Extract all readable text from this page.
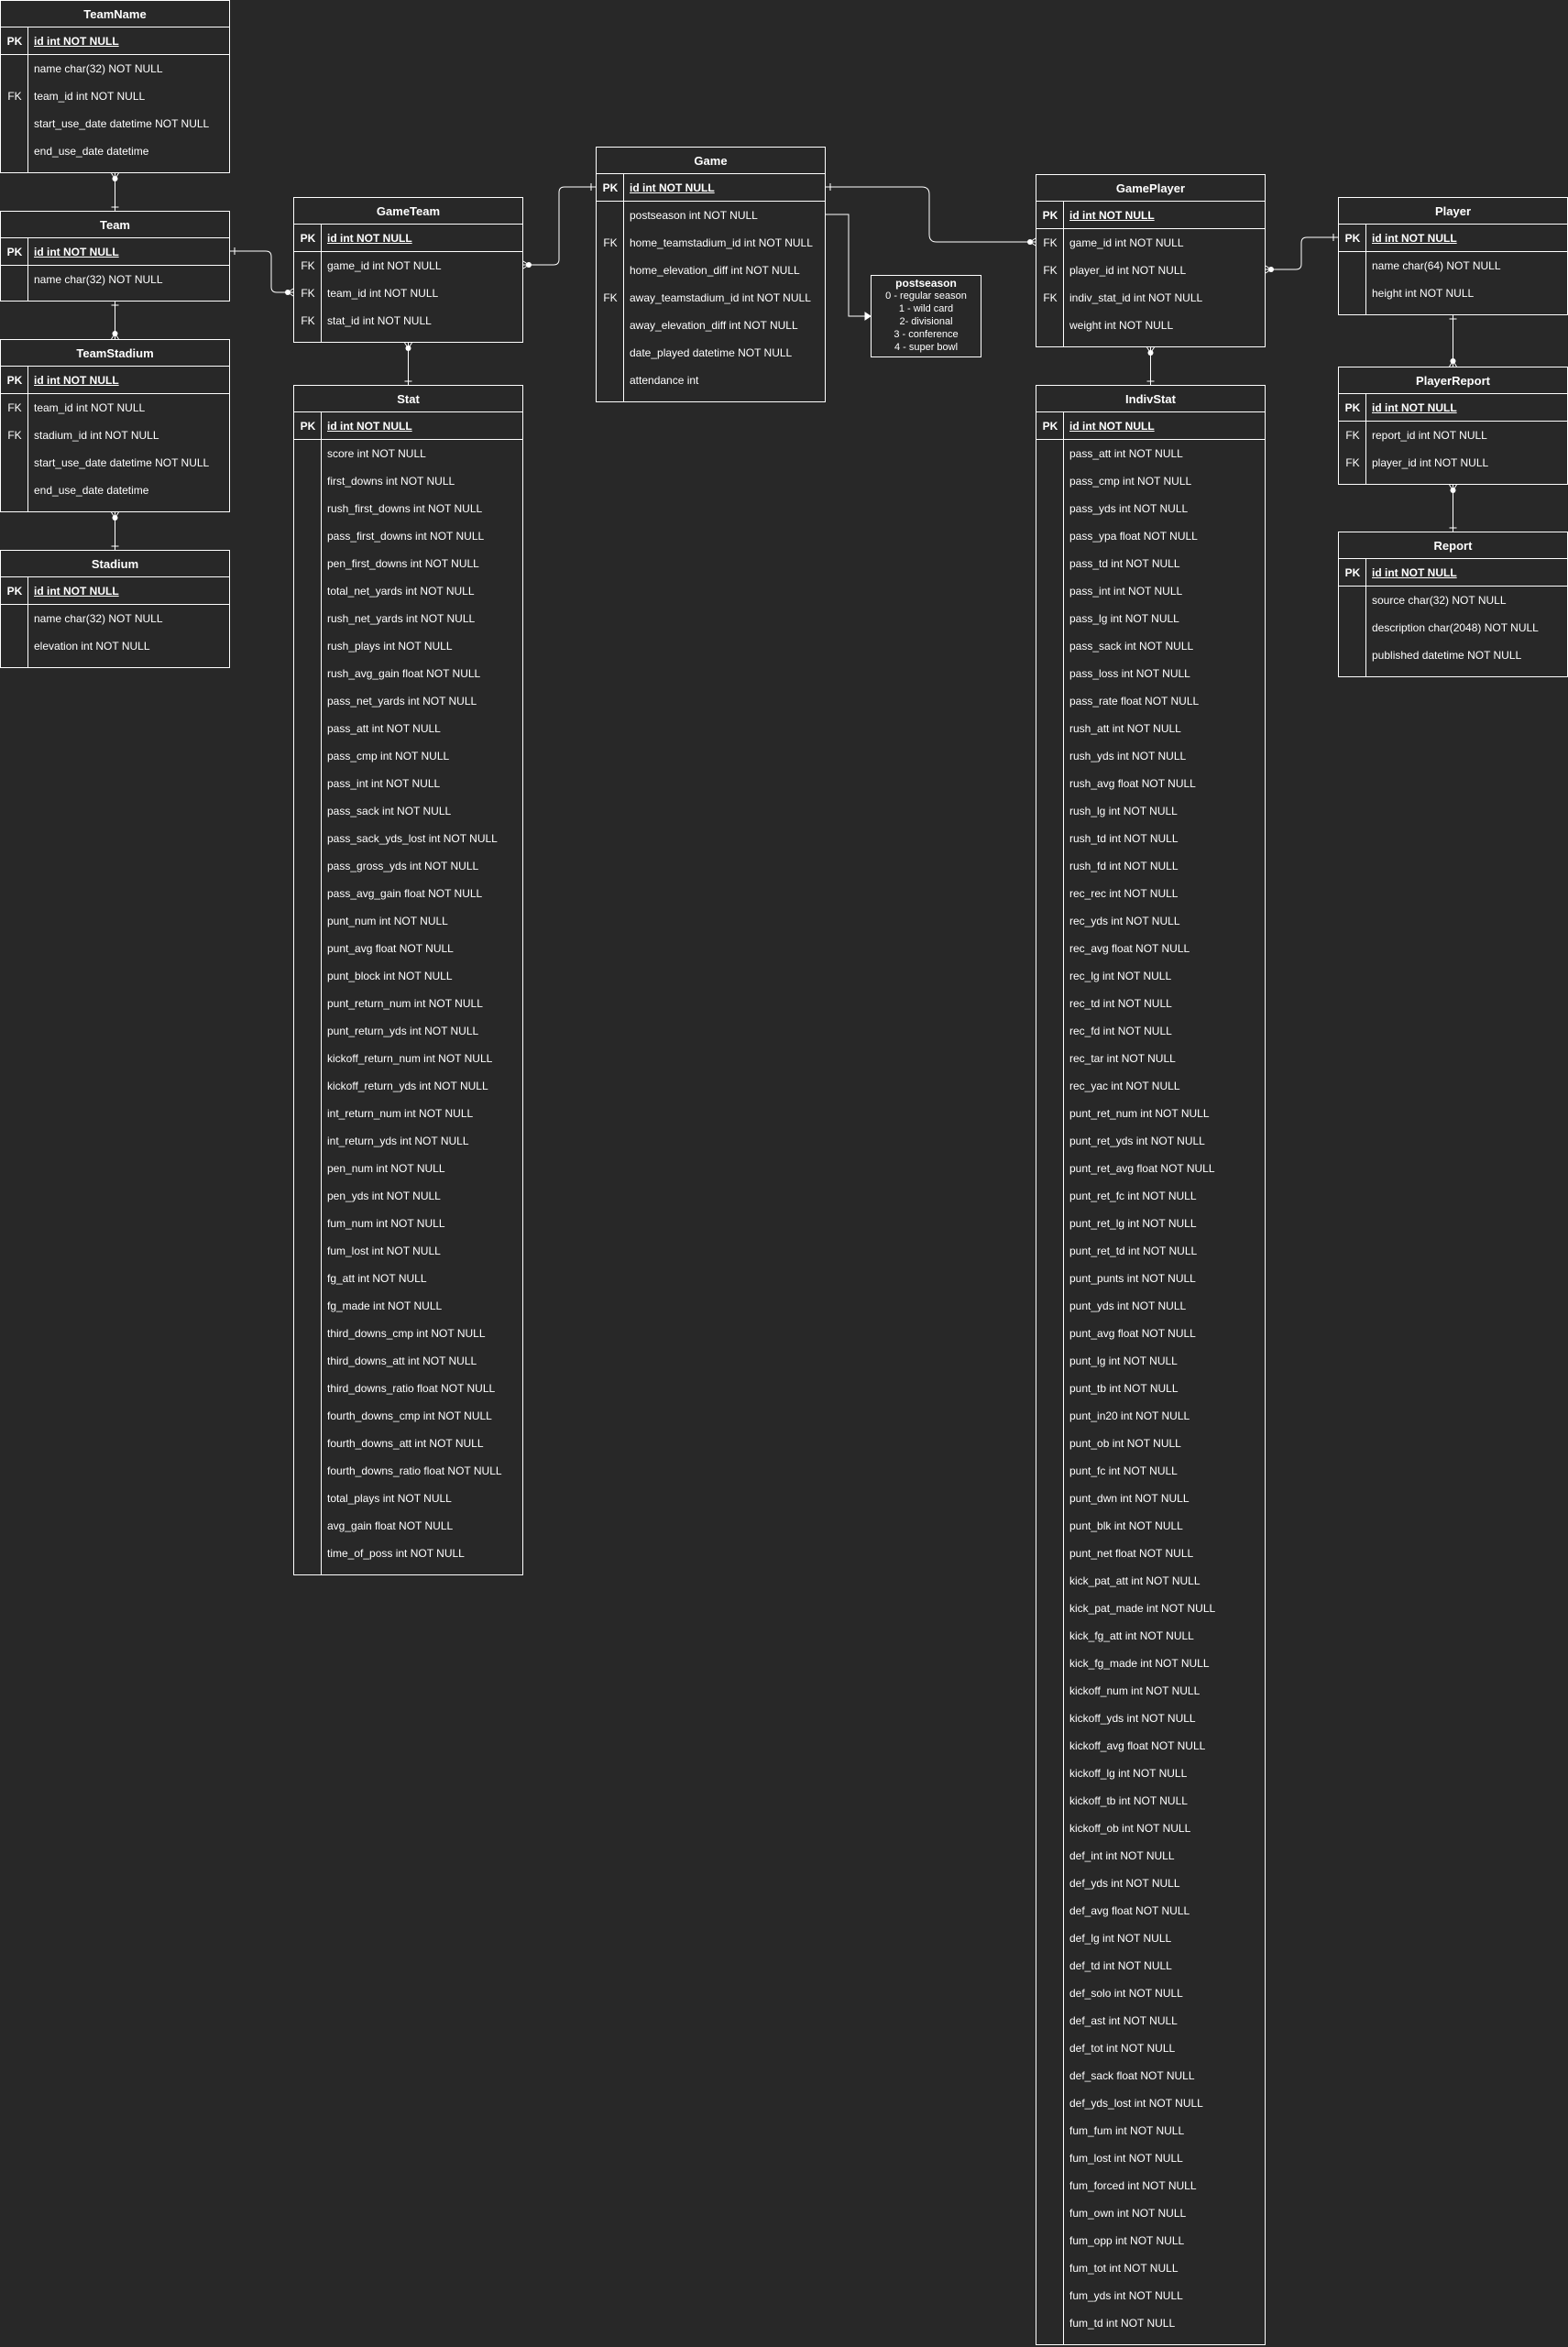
TeamName
PK	id int NOT NULL
name char(32) NOT NULL
FK	team_id int NOT NULL
start_use_date datetime NOT NULL
end_use_date datetime
Team
PK	id int NOT NULL
name char(32) NOT NULL
TeamStadium
PK	id int NOT NULL
FK	team_id int NOT NULL
FK	stadium_id int NOT NULL
start_use_date datetime NOT NULL
end_use_date datetime
Stadium
PK	id int NOT NULL
name char(32) NOT NULL
elevation int NOT NULL
GameTeam
PK	id int NOT NULL
FK	game_id int NOT NULL
FK	team_id int NOT NULL
FK	stat_id int NOT NULL
Stat
PK	id int NOT NULL
score int NOT NULL
first_downs int NOT NULL
rush_first_downs int NOT NULL
pass_first_downs int NOT NULL
pen_first_downs int NOT NULL
total_net_yards int NOT NULL
rush_net_yards int NOT NULL
rush_plays int NOT NULL
rush_avg_gain float NOT NULL
pass_net_yards int NOT NULL
pass_att int NOT NULL
pass_cmp int NOT NULL
pass_int int NOT NULL
pass_sack int NOT NULL
pass_sack_yds_lost int NOT NULL
pass_gross_yds int NOT NULL
pass_avg_gain float NOT NULL
punt_num int NOT NULL
punt_avg float NOT NULL
punt_block int NOT NULL
punt_return_num int NOT NULL
punt_return_yds int NOT NULL
kickoff_return_num int NOT NULL
kickoff_return_yds int NOT NULL
int_return_num int NOT NULL
int_return_yds int NOT NULL
pen_num int NOT NULL
pen_yds int NOT NULL
fum_num int NOT NULL
fum_lost int NOT NULL
fg_att int NOT NULL
fg_made int NOT NULL
third_downs_cmp int NOT NULL
third_downs_att int NOT NULL
third_downs_ratio float NOT NULL
fourth_downs_cmp int NOT NULL
fourth_downs_att int NOT NULL
fourth_downs_ratio float NOT NULL
total_plays int NOT NULL
avg_gain float NOT NULL
time_of_poss int NOT NULL
Game
PK	id int NOT NULL
postseason int NOT NULL
FK	home_teamstadium_id int NOT NULL
home_elevation_diff int NOT NULL
FK	away_teamstadium_id int NOT NULL
away_elevation_diff int NOT NULL
date_played datetime NOT NULL
attendance int
GamePlayer
PK	id int NOT NULL
FK	game_id int NOT NULL
FK	player_id int NOT NULL
FK	indiv_stat_id int NOT NULL
weight int NOT NULL
IndivStat
PK	id int NOT NULL
pass_att int NOT NULL
pass_cmp int NOT NULL
pass_yds int NOT NULL
pass_ypa float NOT NULL
pass_td int NOT NULL
pass_int int NOT NULL
pass_lg int NOT NULL
pass_sack int NOT NULL
pass_loss int NOT NULL
pass_rate float NOT NULL
rush_att int NOT NULL
rush_yds int NOT NULL
rush_avg float NOT NULL
rush_lg int NOT NULL
rush_td int NOT NULL
rush_fd int NOT NULL
rec_rec int NOT NULL
rec_yds int NOT NULL
rec_avg float NOT NULL
rec_lg int NOT NULL
rec_td int NOT NULL
rec_fd int NOT NULL
rec_tar int NOT NULL
rec_yac int NOT NULL
punt_ret_num int NOT NULL
punt_ret_yds int NOT NULL
punt_ret_avg float NOT NULL
punt_ret_fc int NOT NULL
punt_ret_lg int NOT NULL
punt_ret_td int NOT NULL
punt_punts int NOT NULL
punt_yds int NOT NULL
punt_avg float NOT NULL
punt_lg int NOT NULL
punt_tb int NOT NULL
punt_in20 int NOT NULL
punt_ob int NOT NULL
punt_fc int NOT NULL
punt_dwn int NOT NULL
punt_blk int NOT NULL
punt_net float NOT NULL
kick_pat_att int NOT NULL
kick_pat_made int NOT NULL
kick_fg_att int NOT NULL
kick_fg_made int NOT NULL
kickoff_num int NOT NULL
kickoff_yds int NOT NULL
kickoff_avg float NOT NULL
kickoff_lg int NOT NULL
kickoff_tb int NOT NULL
kickoff_ob int NOT NULL
def_int int NOT NULL
def_yds int NOT NULL
def_avg float NOT NULL
def_lg int NOT NULL
def_td int NOT NULL
def_solo int NOT NULL
def_ast int NOT NULL
def_tot int NOT NULL
def_sack float NOT NULL
def_yds_lost int NOT NULL
fum_fum int NOT NULL
fum_lost int NOT NULL
fum_forced int NOT NULL
fum_own int NOT NULL
fum_opp int NOT NULL
fum_tot int NOT NULL
fum_yds int NOT NULL
fum_td int NOT NULL
Player
PK	id int NOT NULL
name char(64) NOT NULL
height int NOT NULL
PlayerReport
PK	id int NOT NULL
FK	report_id int NOT NULL
FK	player_id int NOT NULL
Report
PK	id int NOT NULL
source char(32) NOT NULL
description char(2048) NOT NULL
published datetime NOT NULL
postseason
0 - regular season
1 - wild card
2- divisional
3 - conference
4 - super bowl
